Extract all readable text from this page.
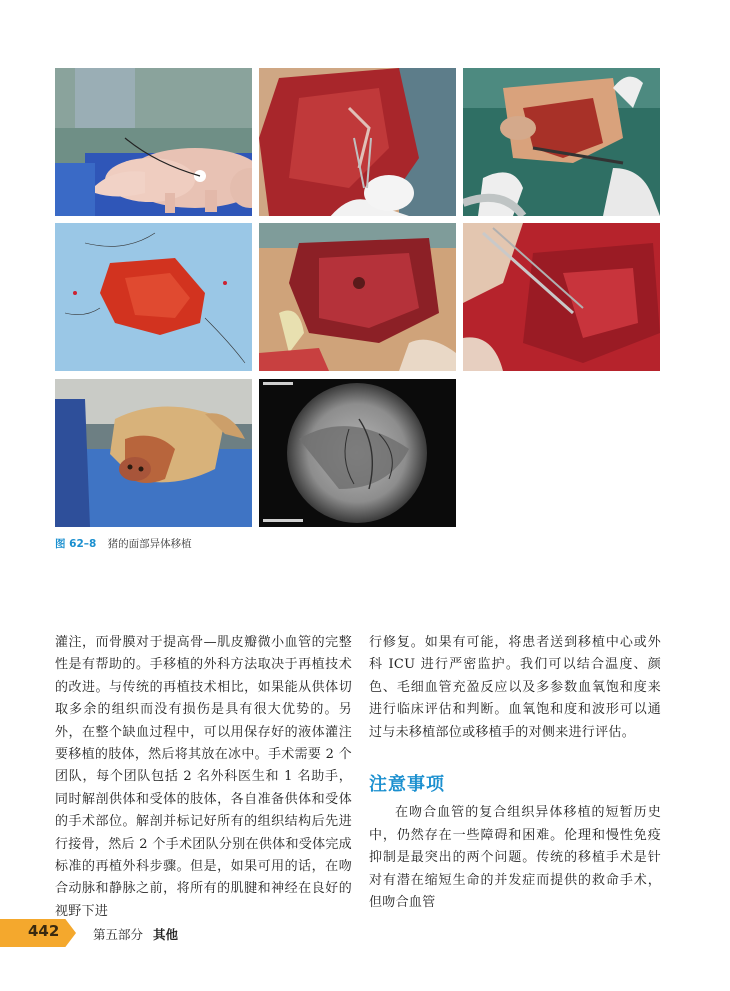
图 62–8 猪的面部异体移植

灌注，而骨膜对于提高骨—肌皮瓣微小血管的完整性是有帮助的。手移植的外科方法取决于再植技术的改进。与传统的再植技术相比，如果能从供体切取多余的组织而没有损伤是具有很大优势的。另外，在整个缺血过程中，可以用保存好的液体灌注要移植的肢体，然后将其放在冰中。手术需要 2 个团队，每个团队包括 2 名外科医生和 1 名助手，同时解剖供体和受体的肢体，各自准备供体和受体的手术部位。解剖并标记好所有的组织结构后先进行接骨，然后 2 个手术团队分别在供体和受体完成标准的再植外科步骤。但是，如果可用的话，在吻合动脉和静脉之前，将所有的肌腱和神经在良好的视野下进

行修复。如果有可能，将患者送到移植中心或外科 ICU 进行严密监护。我们可以结合温度、颜色、毛细血管充盈反应以及多参数血氧饱和度来进行临床评估和判断。血氧饱和度和波形可以通过与未移植部位或移植手的对侧来进行评估。

注意事项

在吻合血管的复合组织异体移植的短暂历史中，仍然存在一些障碍和困难。伦理和慢性免疫抑制是最突出的两个问题。传统的移植手术是针对有潜在缩短生命的并发症而提供的救命手术，但吻合血管

442	第五部分 其他
